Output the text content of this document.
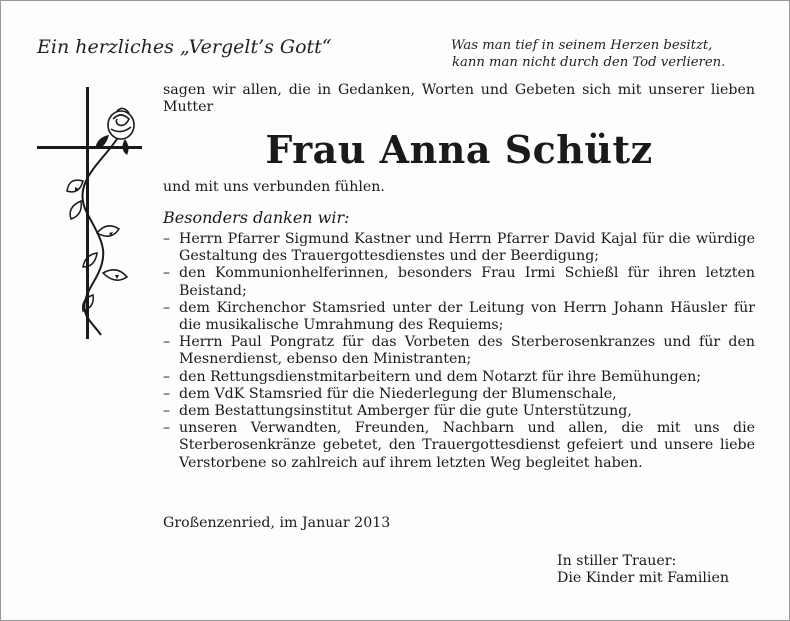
Ein herzliches „Vergelt’s Gott“	Was man tief in seinem Herzen besitzt,
kann man nicht durch den Tod verlieren.
sagen wir allen, die in Gedanken, Worten und Gebeten sich mit unserer lieben Mutter
Frau Anna Schütz
und mit uns verbunden fühlen.
Besonders danken wir:
– Herrn Pfarrer Sigmund Kastner und Herrn Pfarrer David Kajal für die würdige Gestaltung des Trauergottesdienstes und der Beerdigung;
– den Kommunionhelferinnen, besonders Frau Irmi Schießl für ihren letzten Beistand;
– dem Kirchenchor Stamsried unter der Leitung von Herrn Johann Häusler für die musikalische Umrahmung des Requiems;
– Herrn Paul Pongratz für das Vorbeten des Sterberosenkranzes und für den Mesnerdienst, ebenso den Ministranten;
– den Rettungsdienstmitarbeitern und dem Notarzt für ihre Bemühungen;
– dem VdK Stamsried für die Niederlegung der Blumenschale,
– dem Bestattungsinstitut Amberger für die gute Unterstützung,
– unseren Verwandten, Freunden, Nachbarn und allen, die mit uns die Sterberosenkränze gebetet, den Trauergottesdienst gefeiert und unsere liebe Verstorbene so zahlreich auf ihrem letzten Weg begleitet haben.
Großenzenried, im Januar 2013
In stiller Trauer:
Die Kinder mit Familien
